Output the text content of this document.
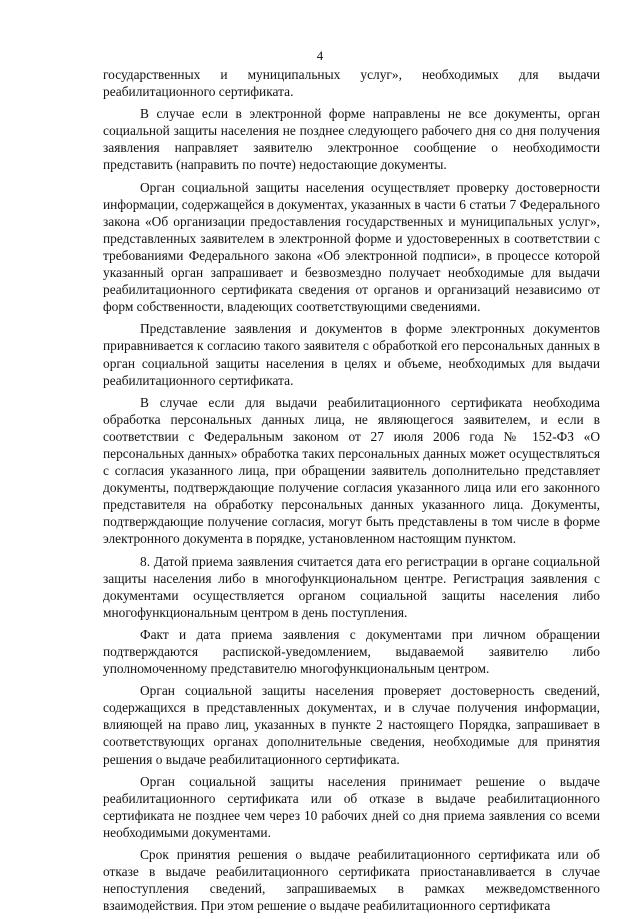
4

государственных и муниципальных услуг», необходимых для выдачи реабилитационного сертификата.

В случае если в электронной форме направлены не все документы, орган социальной защиты населения не позднее следующего рабочего дня со дня получения заявления направляет заявителю электронное сообщение о необходимости представить (направить по почте) недостающие документы.

Орган социальной защиты населения осуществляет проверку достоверности информации, содержащейся в документах, указанных в части 6 статьи 7 Федерального закона «Об организации предоставления государственных и муниципальных услуг», представленных заявителем в электронной форме и удостоверенных в соответствии с требованиями Федерального закона «Об электронной подписи», в процессе которой указанный орган запрашивает и безвозмездно получает необходимые для выдачи реабилитационного сертификата сведения от органов и организаций независимо от форм собственности, владеющих соответствующими сведениями.

Представление заявления и документов в форме электронных документов приравнивается к согласию такого заявителя с обработкой его персональных данных в орган социальной защиты населения в целях и объеме, необходимых для выдачи реабилитационного сертификата.

В случае если для выдачи реабилитационного сертификата необходима обработка персональных данных лица, не являющегося заявителем, и если в соответствии с Федеральным законом от 27 июля 2006 года № 152-ФЗ «О персональных данных» обработка таких персональных данных может осуществляться с согласия указанного лица, при обращении заявитель дополнительно представляет документы, подтверждающие получение согласия указанного лица или его законного представителя на обработку персональных данных указанного лица. Документы, подтверждающие получение согласия, могут быть представлены в том числе в форме электронного документа в порядке, установленном настоящим пунктом.

8. Датой приема заявления считается дата его регистрации в органе социальной защиты населения либо в многофункциональном центре. Регистрация заявления с документами осуществляется органом социальной защиты населения либо многофункциональным центром в день поступления.

Факт и дата приема заявления с документами при личном обращении подтверждаются распиской-уведомлением, выдаваемой заявителю либо уполномоченному представителю многофункциональным центром.

Орган социальной защиты населения проверяет достоверность сведений, содержащихся в представленных документах, и в случае получения информации, влияющей на право лиц, указанных в пункте 2 настоящего Порядка, запрашивает в соответствующих органах дополнительные сведения, необходимые для принятия решения о выдаче реабилитационного сертификата.

Орган социальной защиты населения принимает решение о выдаче реабилитационного сертификата или об отказе в выдаче реабилитационного сертификата не позднее чем через 10 рабочих дней со дня приема заявления со всеми необходимыми документами.

Срок принятия решения о выдаче реабилитационного сертификата или об отказе в выдаче реабилитационного сертификата приостанавливается в случае непоступления сведений, запрашиваемых в рамках межведомственного взаимодействия. При этом решение о выдаче реабилитационного сертификата
